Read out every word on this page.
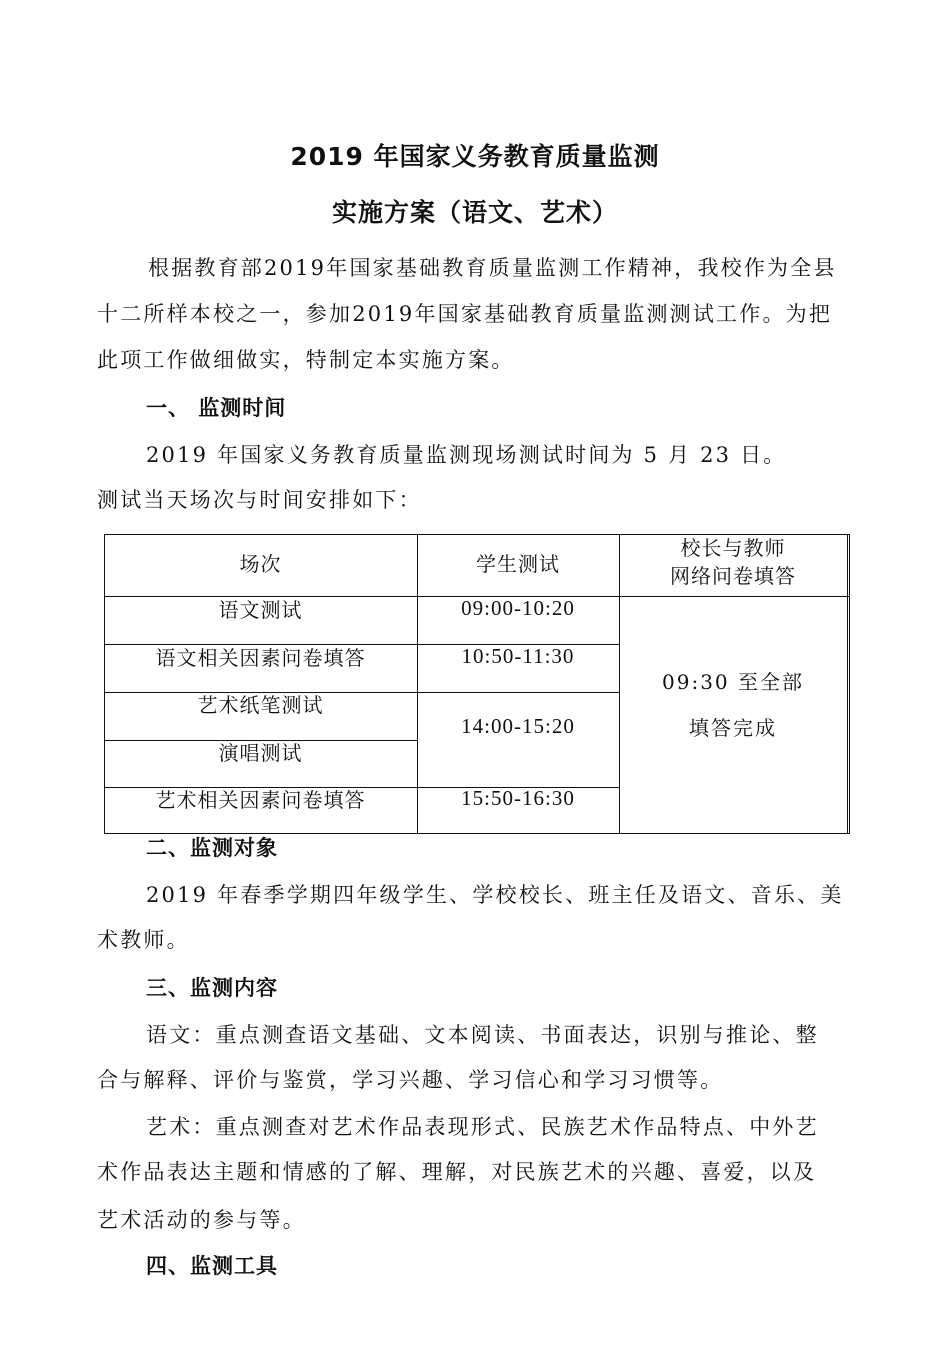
2019 年国家义务教育质量监测
实施方案（语文、艺术）

根据教育部2019年国家基础教育质量监测工作精神，我校作为全县

十二所样本校之一，参加2019年国家基础教育质量监测测试工作。为把

此项工作做细做实，特制定本实施方案。

一、 监测时间

2019 年国家义务教育质量监测现场测试时间为 5 月 23 日。

测试当天场次与时间安排如下：

场次	学生测试
校长与教师
网络问卷填答
语文测试
语文相关因素问卷填答
艺术纸笔测试
演唱测试
艺术相关因素问卷填答
09:00-10:20
10:50-11:30
14:00-15:20
15:50-16:30
09:30 至全部
填答完成
二、监测对象

2019 年春季学期四年级学生、学校校长、班主任及语文、音乐、美

术教师。

三、监测内容

语文：重点测查语文基础、文本阅读、书面表达，识别与推论、整

合与解释、评价与鉴赏，学习兴趣、学习信心和学习习惯等。

艺术：重点测查对艺术作品表现形式、民族艺术作品特点、中外艺

术作品表达主题和情感的了解、理解，对民族艺术的兴趣、喜爱，以及

艺术活动的参与等。

四、监测工具
